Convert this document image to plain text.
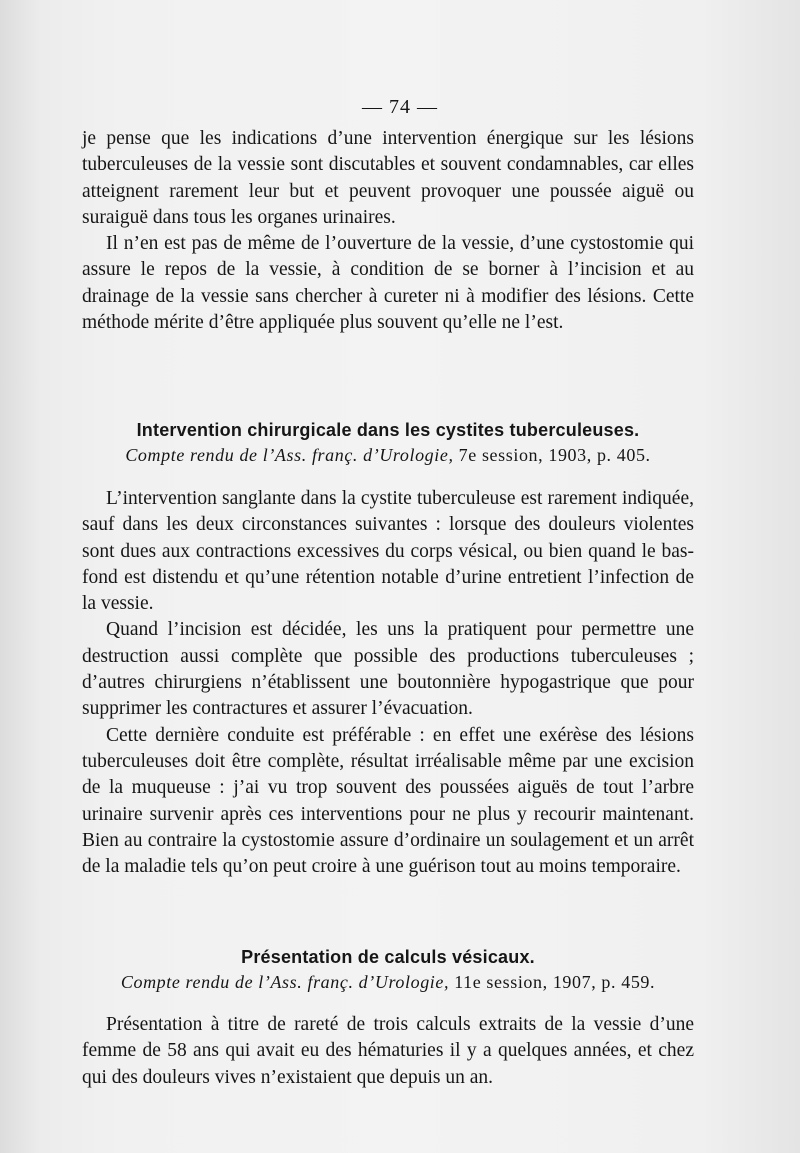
— 74 —

je pense que les indications d’une intervention énergique sur les lésions tuberculeuses de la vessie sont discutables et souvent condamnables, car elles atteignent rarement leur but et peuvent provoquer une poussée aiguë ou suraiguë dans tous les organes urinaires.

Il n’en est pas de même de l’ouverture de la vessie, d’une cystostomie qui assure le repos de la vessie, à condition de se borner à l’incision et au drainage de la vessie sans chercher à cureter ni à modifier des lésions. Cette méthode mérite d’être appliquée plus souvent qu’elle ne l’est.

Intervention chirurgicale dans les cystites tuberculeuses.
Compte rendu de l’Ass. franç. d’Urologie, 7e session, 1903, p. 405.

L’intervention sanglante dans la cystite tuberculeuse est rarement indiquée, sauf dans les deux circonstances suivantes : lorsque des douleurs violentes sont dues aux contractions excessives du corps vésical, ou bien quand le bas-fond est distendu et qu’une rétention notable d’urine entretient l’infection de la vessie.

Quand l’incision est décidée, les uns la pratiquent pour permettre une destruction aussi complète que possible des productions tuberculeuses ; d’autres chirurgiens n’établissent une boutonnière hypogastrique que pour supprimer les contractures et assurer l’évacuation.

Cette dernière conduite est préférable : en effet une exérèse des lésions tuberculeuses doit être complète, résultat irréalisable même par une excision de la muqueuse : j’ai vu trop souvent des poussées aiguës de tout l’arbre urinaire survenir après ces interventions pour ne plus y recourir maintenant. Bien au contraire la cystostomie assure d’ordinaire un soulagement et un arrêt de la maladie tels qu’on peut croire à une guérison tout au moins temporaire.

Présentation de calculs vésicaux.
Compte rendu de l’Ass. franç. d’Urologie, 11e session, 1907, p. 459.

Présentation à titre de rareté de trois calculs extraits de la vessie d’une femme de 58 ans qui avait eu des hématuries il y a quelques années, et chez qui des douleurs vives n’existaient que depuis un an.
